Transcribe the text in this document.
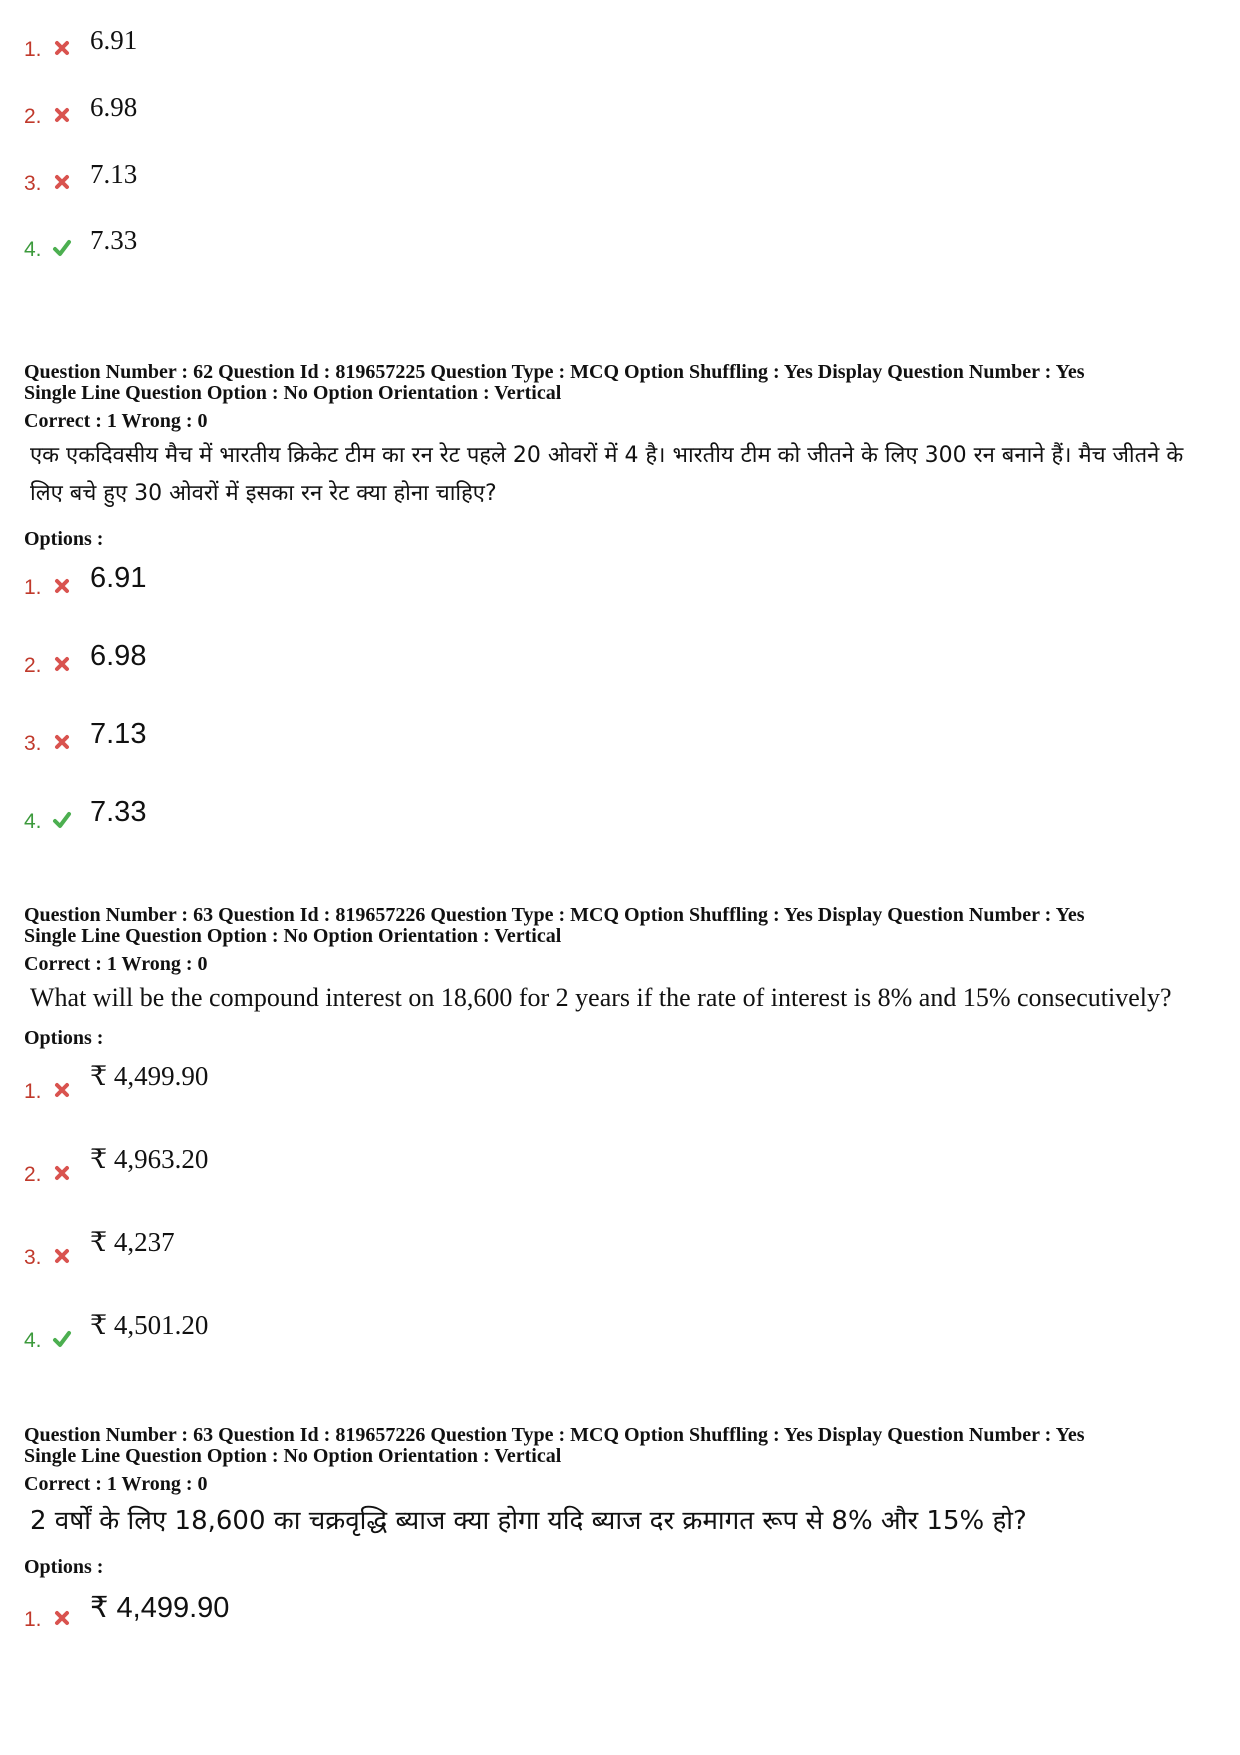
1. 6.91
2. 6.98
3. 7.13
4. 7.33
Question Number : 62 Question Id : 819657225 Question Type : MCQ Option Shuffling : Yes Display Question Number : Yes
Single Line Question Option : No Option Orientation : Vertical
Correct : 1 Wrong : 0
एक एकदिवसीय मैच में भारतीय क्रिकेट टीम का रन रेट पहले 20 ओवरों में 4 है। भारतीय टीम को जीतने के लिए 300 रन बनाने हैं। मैच जीतने के लिए बचे हुए 30 ओवरों में इसका रन रेट क्या होना चाहिए?
Options :
1. 6.91
2. 6.98
3. 7.13
4. 7.33
Question Number : 63 Question Id : 819657226 Question Type : MCQ Option Shuffling : Yes Display Question Number : Yes
Single Line Question Option : No Option Orientation : Vertical
Correct : 1 Wrong : 0
What will be the compound interest on 18,600 for 2 years if the rate of interest is 8% and 15% consecutively?
Options :
1.
₹ 4,499.90
2.
₹ 4,963.20
3.
₹ 4,237
4.
₹ 4,501.20
Question Number : 63 Question Id : 819657226 Question Type : MCQ Option Shuffling : Yes Display Question Number : Yes
Single Line Question Option : No Option Orientation : Vertical
Correct : 1 Wrong : 0
2 वर्षों के लिए 18,600 का चक्रवृद्धि ब्याज क्या होगा यदि ब्याज दर क्रमागत रूप से 8% और 15% हो?
Options :
1. ₹ 4,499.90
